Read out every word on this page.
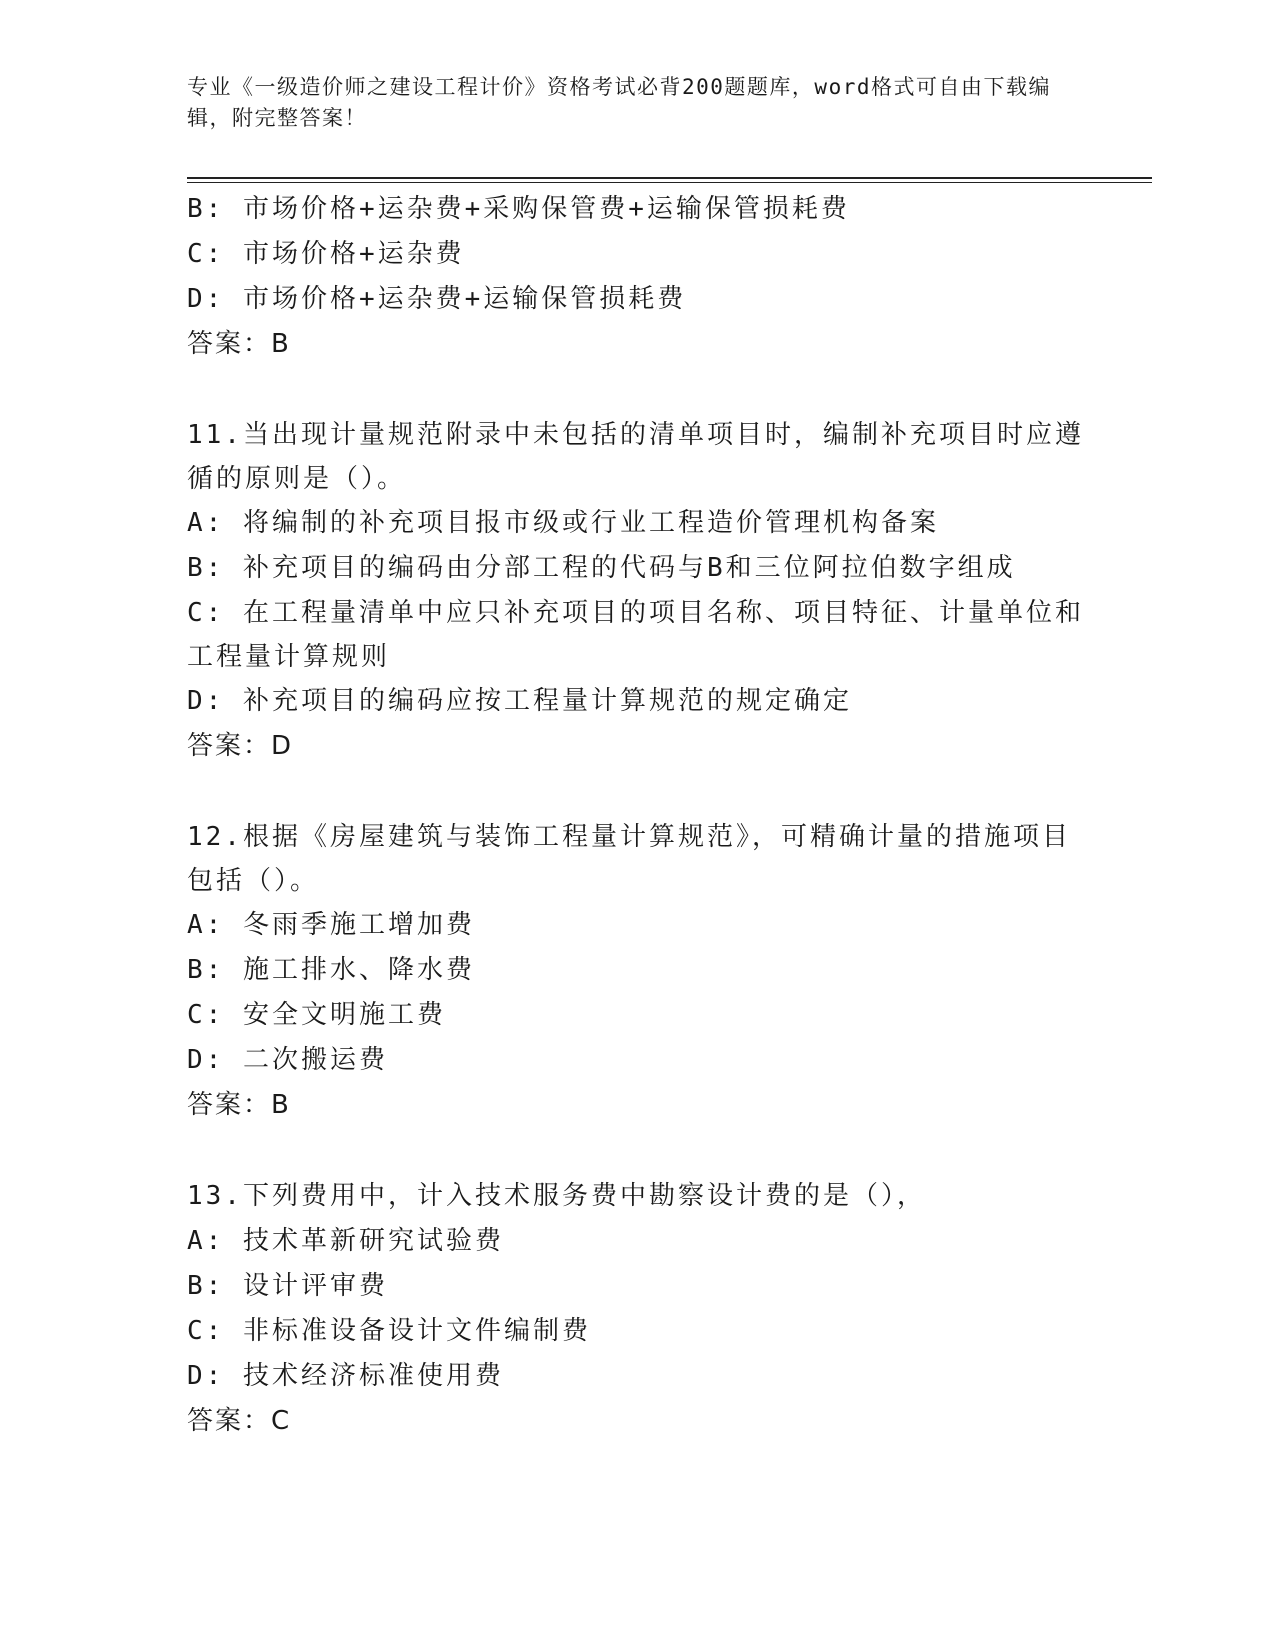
专业《一级造价师之建设工程计价》资格考试必背200题题库，word格式可自由下载编辑，附完整答案！
B: 市场价格+运杂费+采购保管费+运输保管损耗费
C: 市场价格+运杂费
D: 市场价格+运杂费+运输保管损耗费
答案：B
11.当出现计量规范附录中未包括的清单项目时，编制补充项目时应遵循的原则是（）。
A: 将编制的补充项目报市级或行业工程造价管理机构备案
B: 补充项目的编码由分部工程的代码与B和三位阿拉伯数字组成
C: 在工程量清单中应只补充项目的项目名称、项目特征、计量单位和工程量计算规则
D: 补充项目的编码应按工程量计算规范的规定确定
答案：D
12.根据《房屋建筑与装饰工程量计算规范》，可精确计量的措施项目包括（）。
A: 冬雨季施工增加费
B: 施工排水、降水费
C: 安全文明施工费
D: 二次搬运费
答案：B
13.下列费用中，计入技术服务费中勘察设计费的是（），
A: 技术革新研究试验费
B: 设计评审费
C: 非标准设备设计文件编制费
D: 技术经济标准使用费
答案：C
